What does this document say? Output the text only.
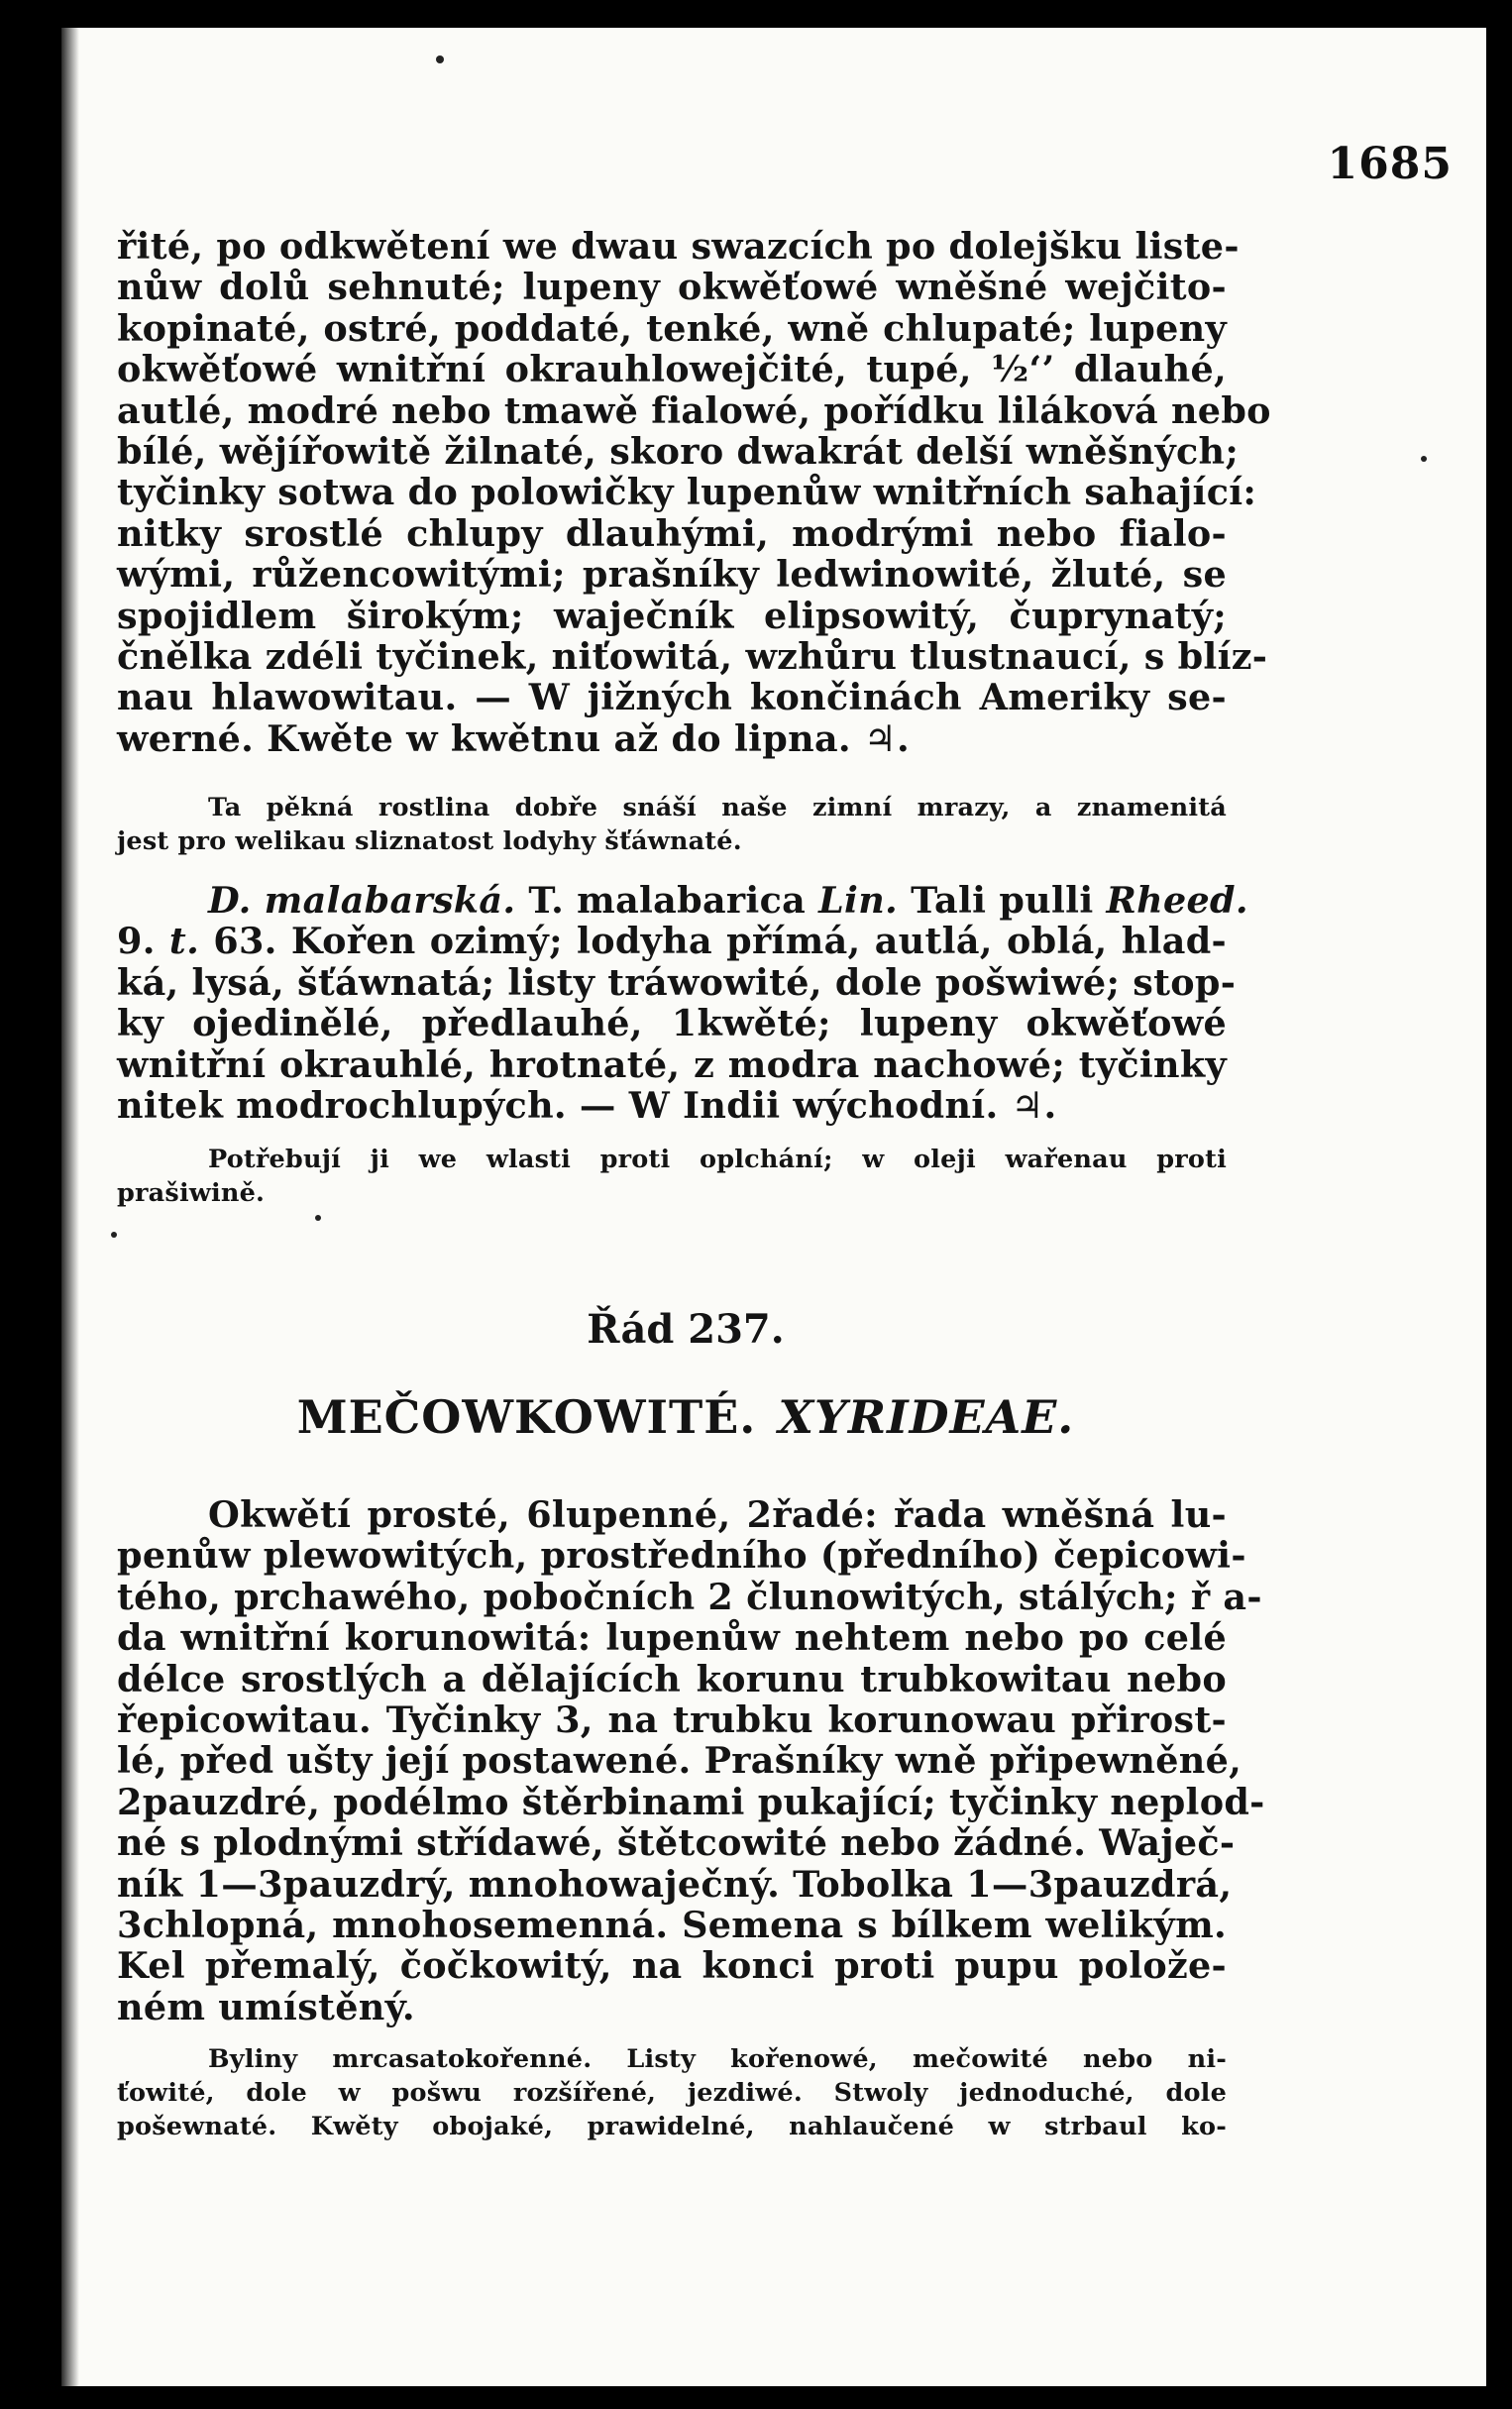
1685
řité, po odkwětení we dwau swazcích po dolejšku liste-
nůw dolů sehnuté; lupeny okwěťowé wněšné wejčito-
kopinaté, ostré, poddaté, tenké, wně chlupaté; lupeny
okwěťowé wnitřní okrauhlowejčité, tupé, ½‘’ dlauhé,
autlé, modré nebo tmawě fialowé, pořídku liláková nebo
bílé, wějířowitě žilnaté, skoro dwakrát delší wněšných;
tyčinky sotwa do polowičky lupenůw wnitřních sahající:
nitky srostlé chlupy dlauhými, modrými nebo fialo-
wými, růžencowitými; prašníky ledwinowité, žluté, se
spojidlem širokým; waječník elipsowitý, čuprynatý;
čnělka zdéli tyčinek, niťowitá, wzhůru tlustnaucí, s blíz-
nau hlawowitau. — W jižných končinách Ameriky se-
werné. Kwěte w kwětnu až do lipna. ♃.
Ta pěkná rostlina dobře snáší naše zimní mrazy, a znamenitá
jest pro welikau sliznatost lodyhy šťáwnaté.
D. malabarská. T. malabarica Lin. Tali pulli Rheed.
9. t. 63. Kořen ozimý; lodyha přímá, autlá, oblá, hlad-
ká, lysá, šťáwnatá; listy tráwowité, dole pošwiwé; stop-
ky ojedinělé, předlauhé, 1kwěté; lupeny okwěťowé
wnitřní okrauhlé, hrotnaté, z modra nachowé; tyčinky
nitek modrochlupých. — W Indii wýchodní. ♃.
Potřebují ji we wlasti proti oplchání; w oleji wařenau proti
prašiwině.
Řád 237.
MEČOWKOWITÉ. XYRIDEAE.
Okwětí prosté, 6lupenné, 2řadé: řada wněšná lu-
penůw plewowitých, prostředního (předního) čepicowi-
tého, prchawého, pobočních 2 člunowitých, stálých; ř a-
da wnitřní korunowitá: lupenůw nehtem nebo po celé
délce srostlých a dělajících korunu trubkowitau nebo
řepicowitau. Tyčinky 3, na trubku korunowau přirost-
lé, před ušty její postawené. Prašníky wně připewněné,
2pauzdré, podélmo štěrbinami pukající; tyčinky neplod-
né s plodnými střídawé, štětcowité nebo žádné. Waječ-
ník 1—3pauzdrý, mnohowaječný. Tobolka 1—3pauzdrá,
3chlopná, mnohosemenná. Semena s bílkem welikým.
Kel přemalý, čočkowitý, na konci proti pupu polože-
ném umístěný.
Byliny mrcasatokořenné. Listy kořenowé, mečowité nebo ni-
ťowité, dole w pošwu rozšířené, jezdiwé. Stwoly jednoduché, dole
pošewnaté. Kwěty obojaké, prawidelné, nahlaučené w strbaul ko-
